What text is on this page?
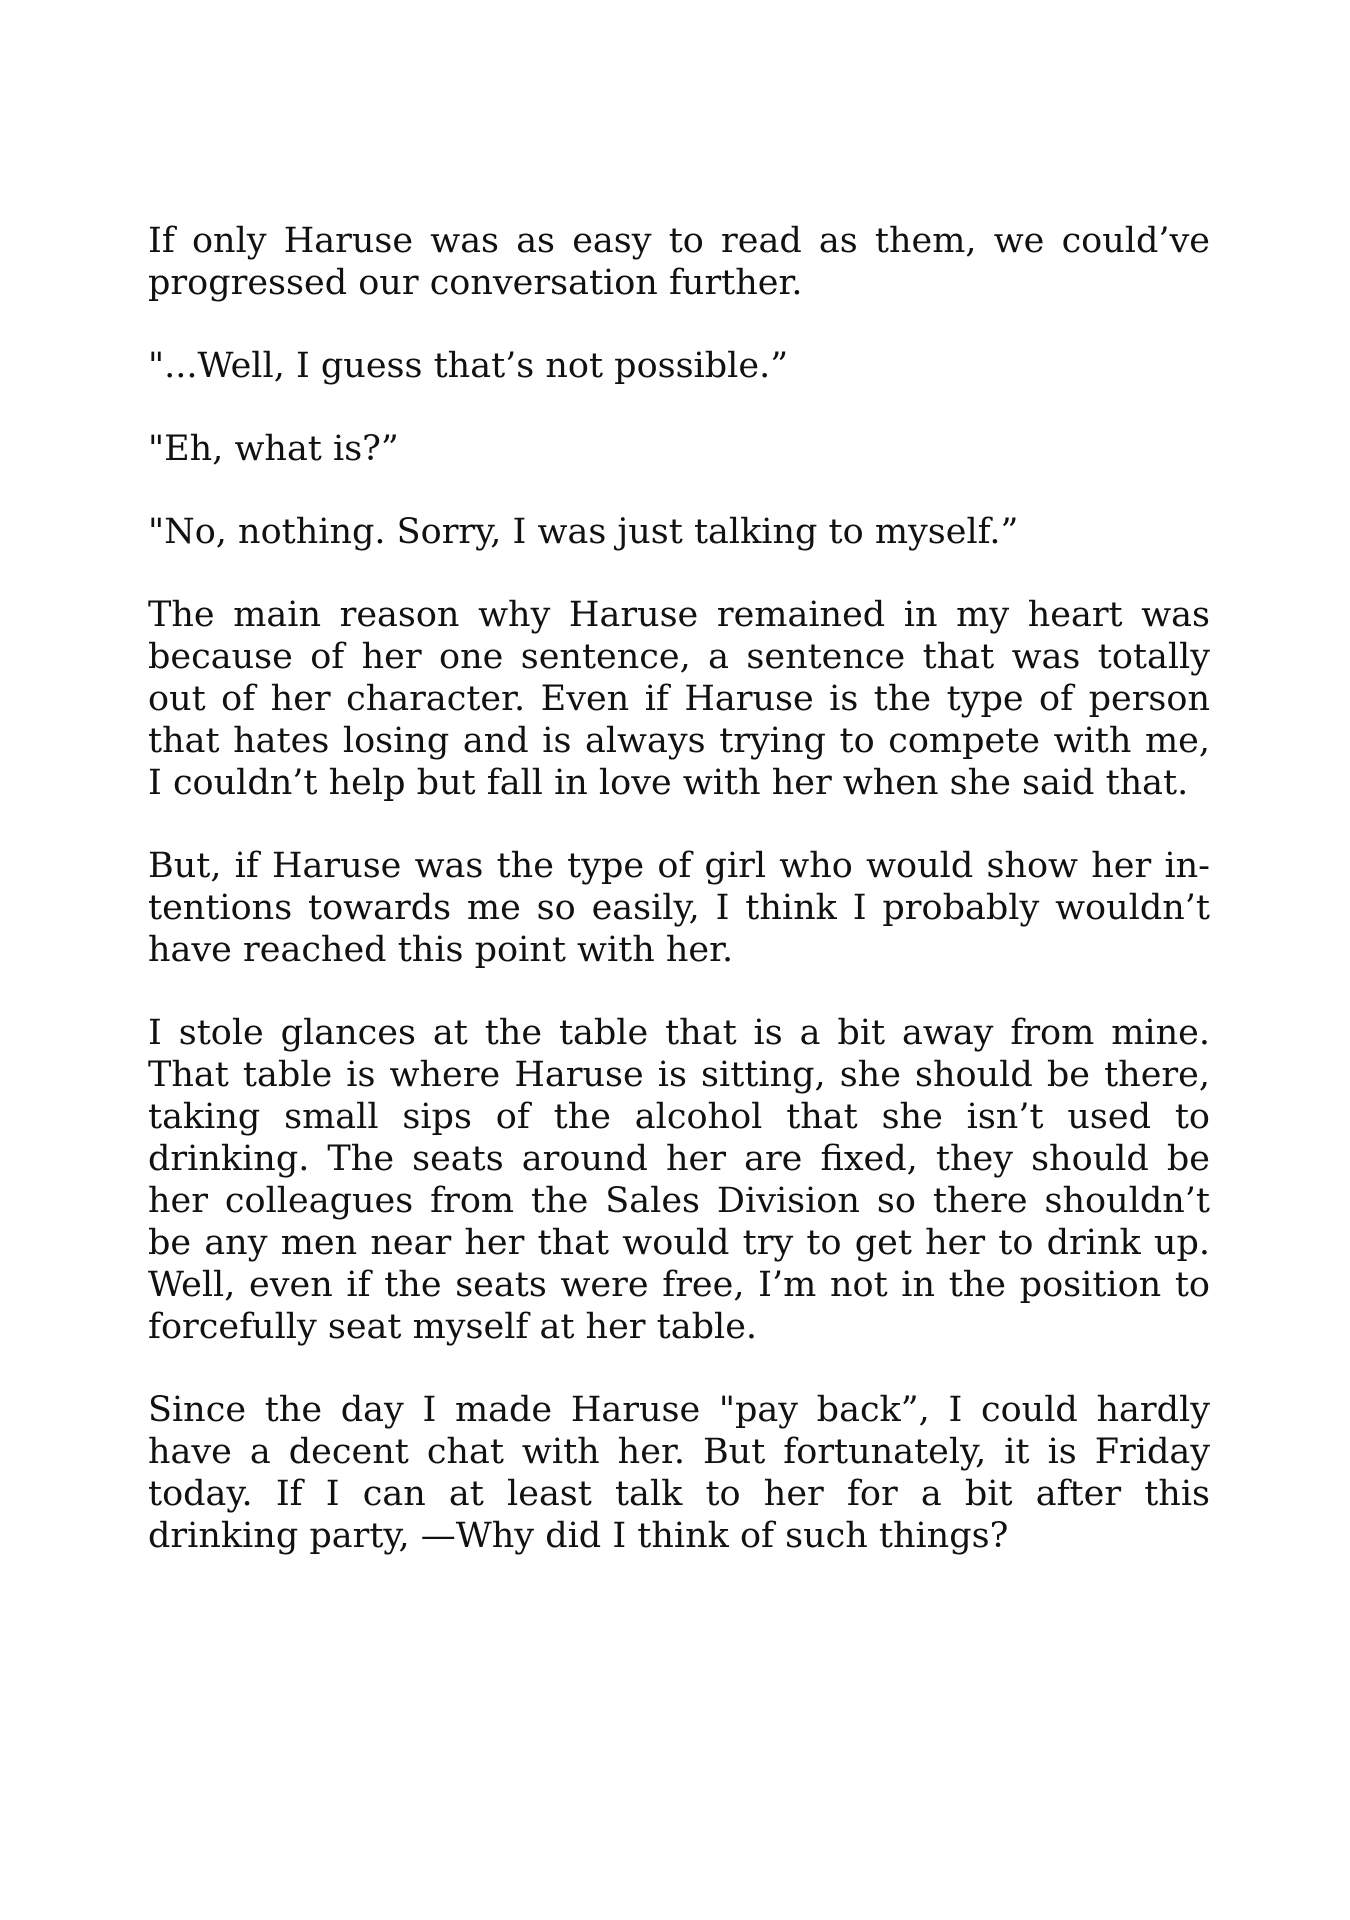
If only Haruse was as easy to read as them, we could’ve progressed our conversation further.

"...Well, I guess that’s not possible.”

"Eh, what is?”

"No, nothing. Sorry, I was just talking to myself.”

The main reason why Haruse remained in my heart was because of her one sentence, a sentence that was totally out of her character. Even if Haruse is the type of person that hates losing and is always trying to compete with me, I couldn’t help but fall in love with her when she said that.

But, if Haruse was the type of girl who would show her in-tentions towards me so easily, I think I probably wouldn’t have reached this point with her.

I stole glances at the table that is a bit away from mine. That table is where Haruse is sitting, she should be there, taking small sips of the alcohol that she isn’t used to drinking. The seats around her are fixed, they should be her colleagues from the Sales Division so there shouldn’t be any men near her that would try to get her to drink up. Well, even if the seats were free, I’m not in the position to forcefully seat myself at her table.

Since the day I made Haruse "pay back”, I could hardly have a decent chat with her. But fortunately, it is Friday today. If I can at least talk to her for a bit after this drinking party, —Why did I think of such things?
